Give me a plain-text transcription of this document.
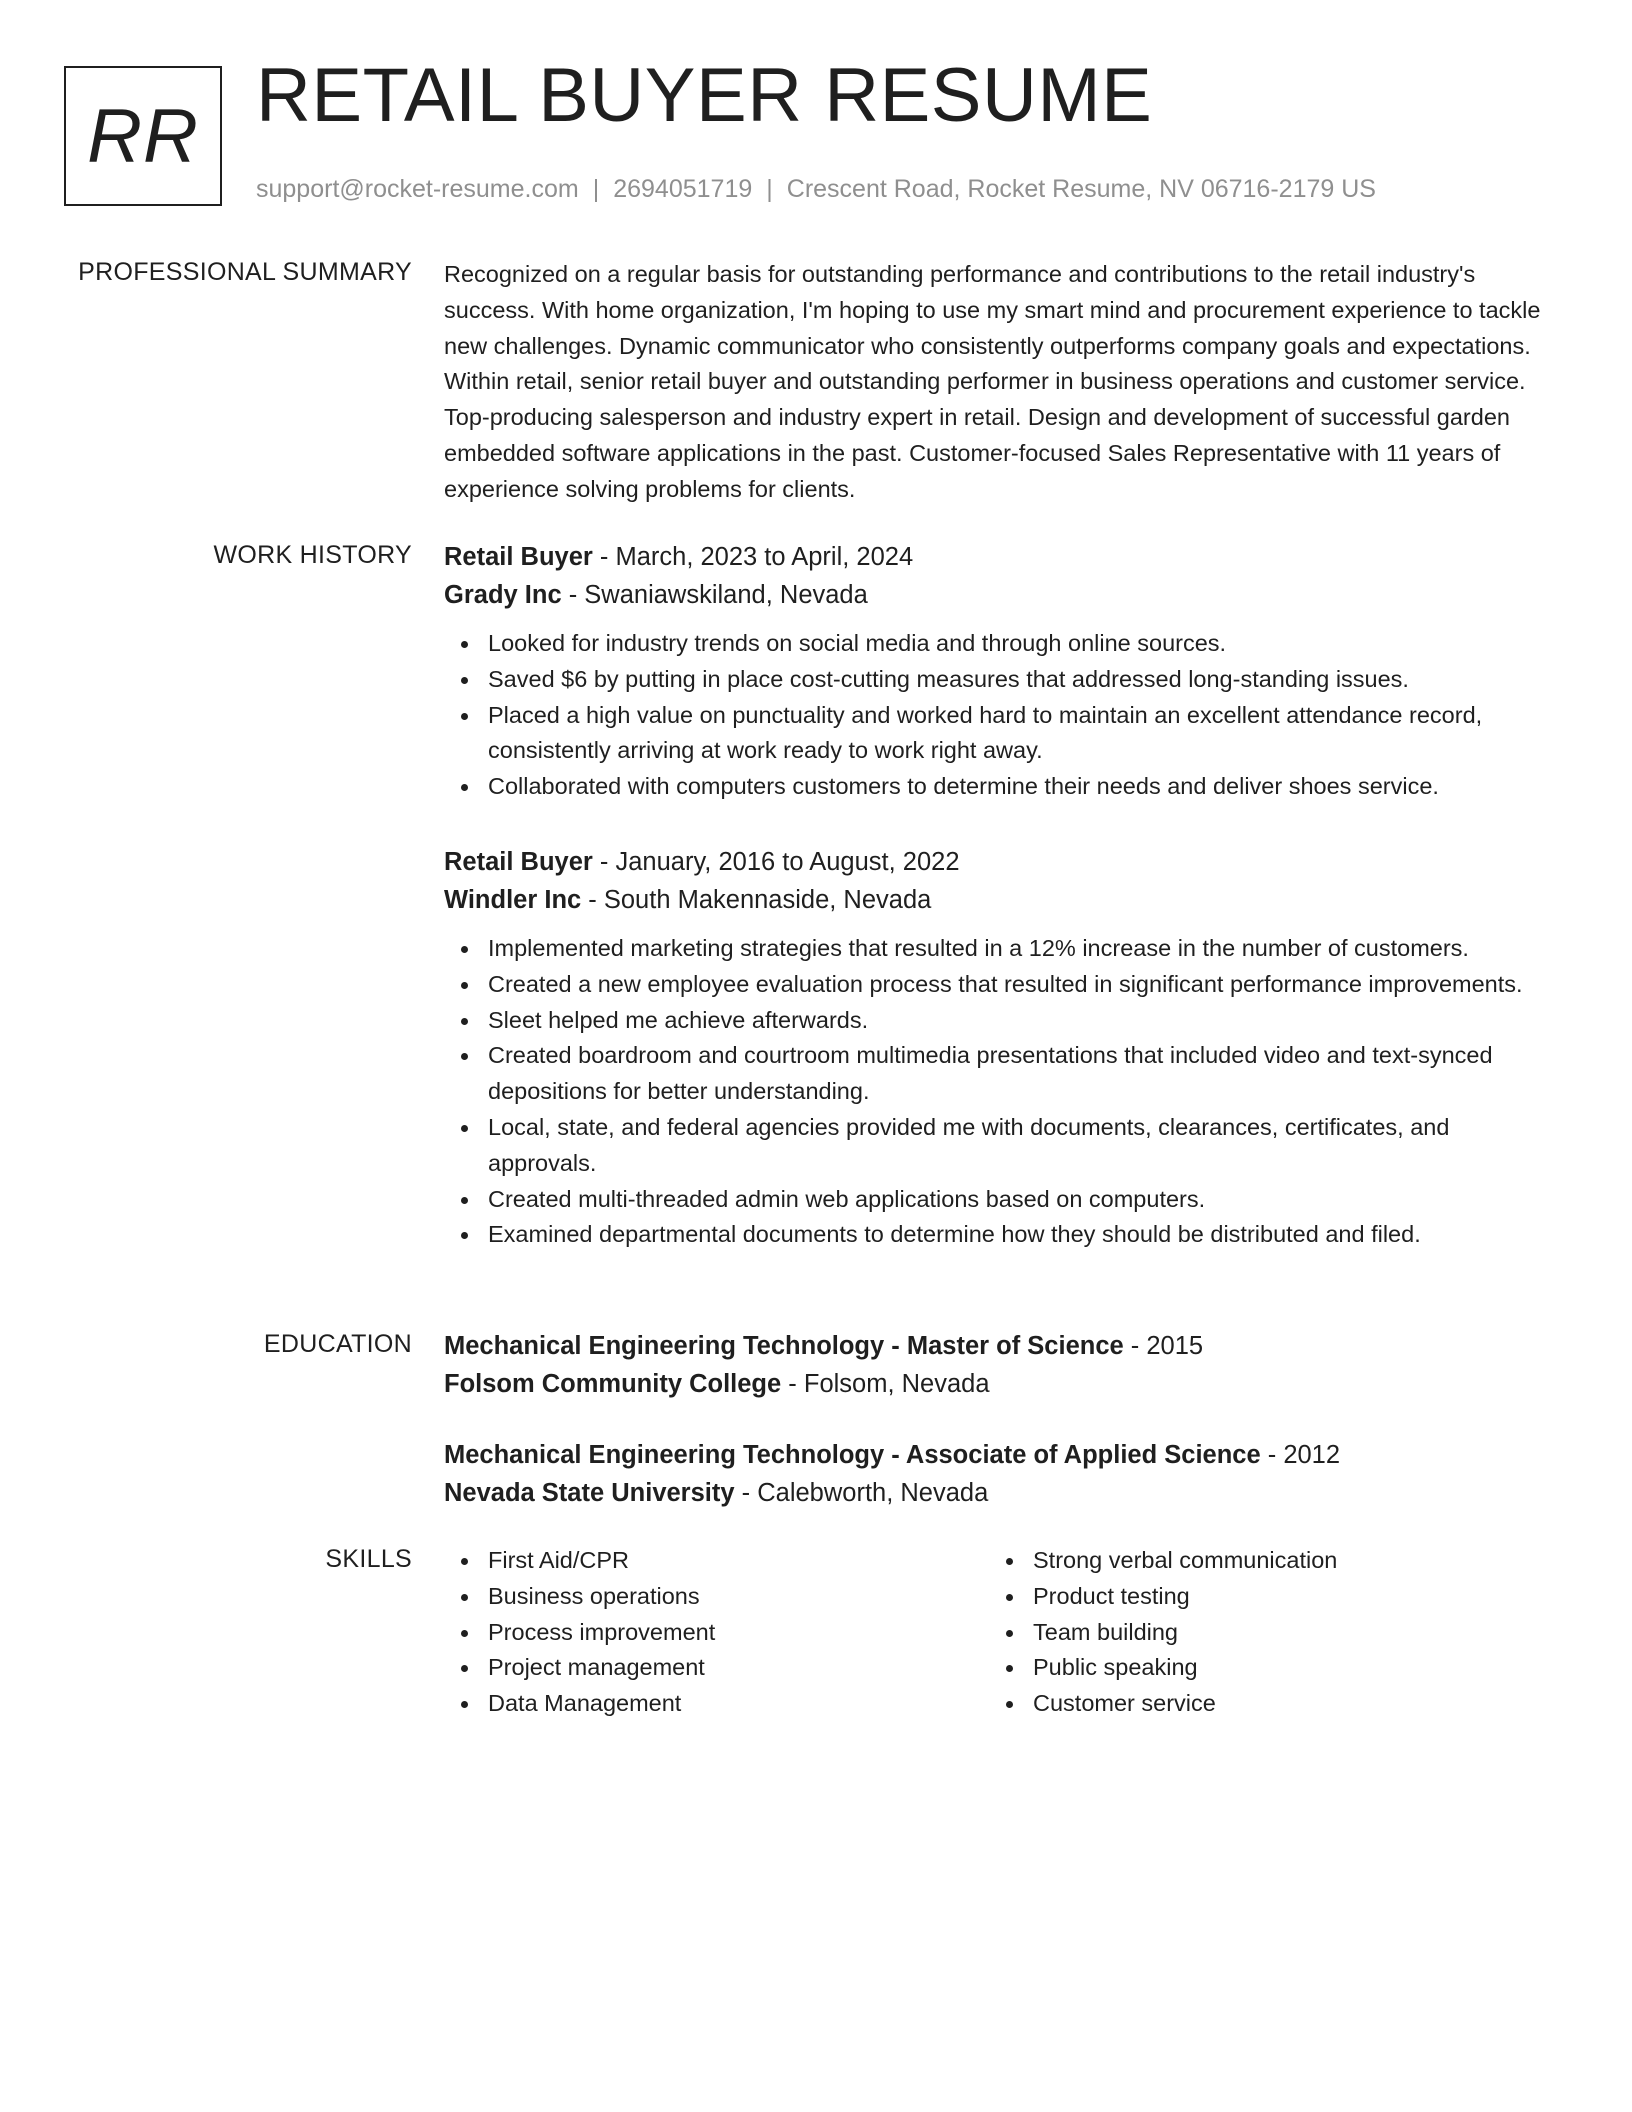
RR RETAIL BUYER RESUME
support@rocket-resume.com | 2694051719 | Crescent Road, Rocket Resume, NV 06716-2179 US
PROFESSIONAL SUMMARY Recognized on a regular basis for outstanding performance and contributions to the retail industry's success. With home organization, I'm hoping to use my smart mind and procurement experience to tackle new challenges. Dynamic communicator who consistently outperforms company goals and expectations. Within retail, senior retail buyer and outstanding performer in business operations and customer service. Top-producing salesperson and industry expert in retail. Design and development of successful garden embedded software applications in the past. Customer-focused Sales Representative with 11 years of experience solving problems for clients.

WORK HISTORY Retail Buyer - March, 2023 to April, 2024
Grady Inc - Swaniawskiland, Nevada
Looked for industry trends on social media and through online sources.
Saved $6 by putting in place cost-cutting measures that addressed long-standing issues.
Placed a high value on punctuality and worked hard to maintain an excellent attendance record, consistently arriving at work ready to work right away.
Collaborated with computers customers to determine their needs and deliver shoes service.
Retail Buyer - January, 2016 to August, 2022
Windler Inc - South Makennaside, Nevada
Implemented marketing strategies that resulted in a 12% increase in the number of customers.
Created a new employee evaluation process that resulted in significant performance improvements.
Sleet helped me achieve afterwards.
Created boardroom and courtroom multimedia presentations that included video and text-synced depositions for better understanding.
Local, state, and federal agencies provided me with documents, clearances, certificates, and approvals.
Created multi-threaded admin web applications based on computers.
Examined departmental documents to determine how they should be distributed and filed.
EDUCATION Mechanical Engineering Technology - Master of Science - 2015
Folsom Community College - Folsom, Nevada
Mechanical Engineering Technology - Associate of Applied Science - 2012
Nevada State University - Calebworth, Nevada
SKILLS	First Aid/CPR
Business operations
Process improvement
Project management
Data Management
Strong verbal communication
Product testing
Team building
Public speaking
Customer service
